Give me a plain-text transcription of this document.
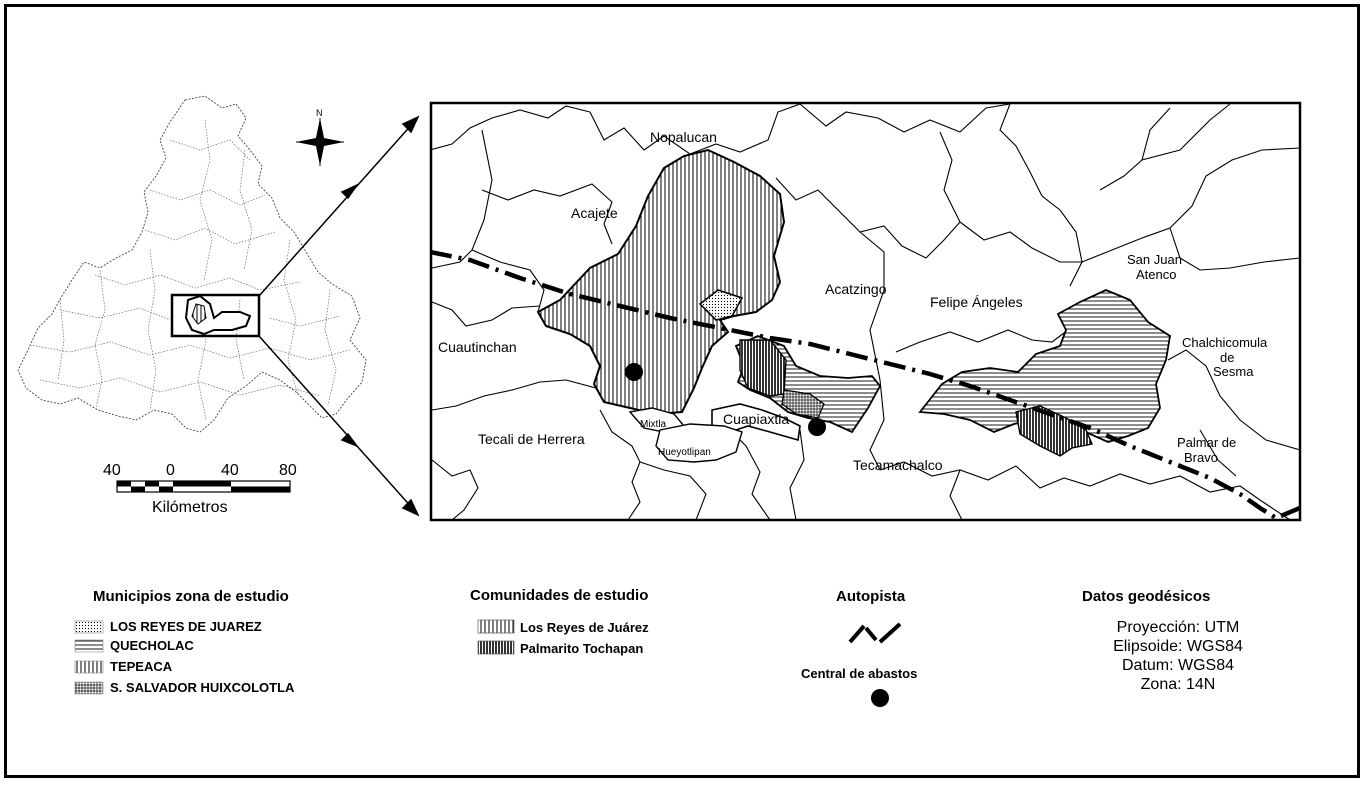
N
40	0	40	80
Kilómetros
Nopalucan
Acajete
Acatzingo
Felipe Ángeles
San Juan
Atenco
Chalchicomula
de
Sesma
Cuautinchan
Cuapiaxtla
Mixtla
Tecali de Herrera
Hueyotlipan
Tecamachalco
Palmar de
Bravo
Municipios zona de estudio
LOS REYES DE JUAREZ
QUECHOLAC
TEPEACA
S. SALVADOR HUIXCOLOTLA
Comunidades de estudio
Los Reyes de Juárez
Palmarito Tochapan
Autopista
Central de abastos
Datos geodésicos
Proyección: UTM
Elipsoide: WGS84
Datum: WGS84
Zona: 14N
